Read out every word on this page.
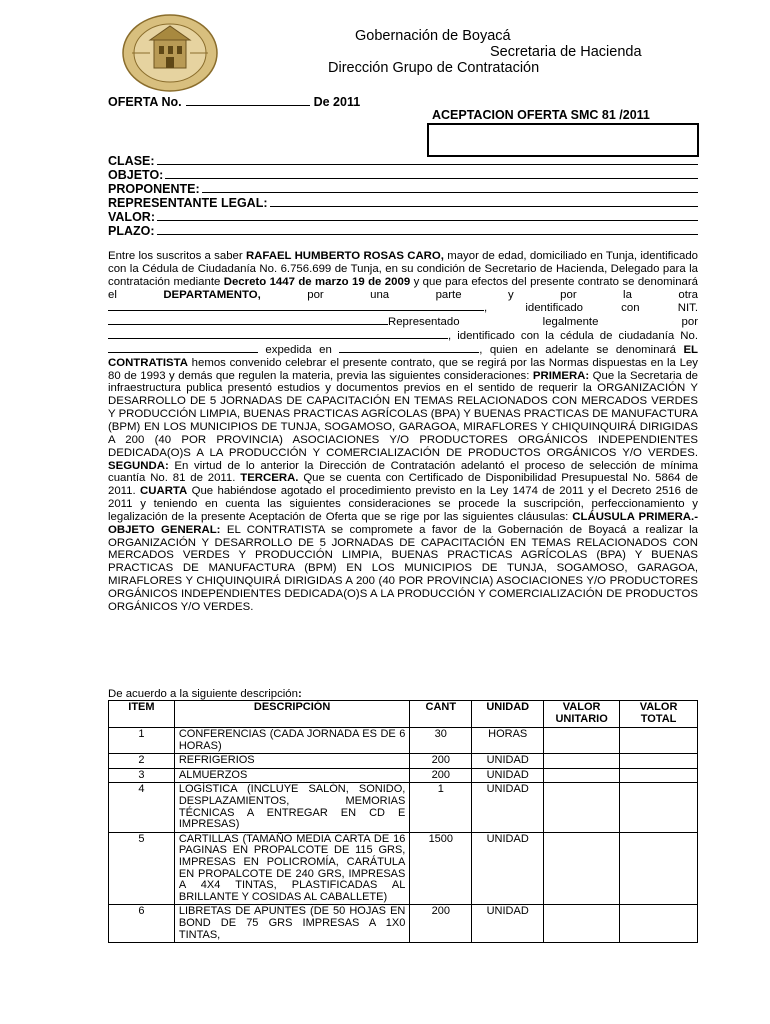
Gobernación de Boyacá
Secretaria de Hacienda
Dirección Grupo de Contratación
OFERTA No.	De 2011
ACEPTACION OFERTA SMC 81 /2011
CLASE:
OBJETO:
PROPONENTE:
REPRESENTANTE LEGAL:
VALOR:
PLAZO:

Entre los suscritos a saber RAFAEL HUMBERTO ROSAS CARO, mayor de edad, domiciliado en Tunja, identificado con la Cédula de Ciudadanía No. 6.756.699 de Tunja, en su condición de Secretario de Hacienda, Delegado para la contratación mediante Decreto 1447 de marzo 19 de 2009 y que para efectos del presente contrato se denominará el DEPARTAMENTO, por una parte y por la otra , identificado con NIT. Representado legalmente por , identificado con la cédula de ciudadanía No.  expedida en	, quien en adelante se denominará EL CONTRATISTA hemos convenido celebrar el presente contrato, que se regirá por las Normas dispuestas en la Ley 80 de 1993 y demás que regulen la materia, previa las siguientes consideraciones: PRIMERA: Que la Secretaria de infraestructura publica presentó estudios y documentos previos en el sentido de requerir la ORGANIZACIÓN Y DESARROLLO DE 5 JORNADAS DE CAPACITACIÓN EN TEMAS RELACIONADOS CON MERCADOS VERDES Y PRODUCCIÓN LIMPIA, BUENAS PRACTICAS AGRÍCOLAS (BPA) Y BUENAS PRACTICAS DE MANUFACTURA (BPM) EN LOS MUNICIPIOS DE TUNJA, SOGAMOSO, GARAGOA, MIRAFLORES Y CHIQUINQUIRÁ DIRIGIDAS A 200 (40 POR PROVINCIA) ASOCIACIONES Y/O PRODUCTORES ORGÁNICOS INDEPENDIENTES DEDICADA(O)S A LA PRODUCCIÓN Y COMERCIALIZACIÓN DE PRODUCTOS ORGÁNICOS Y/O VERDES. SEGUNDA: En virtud de lo anterior la Dirección de Contratación adelantó el proceso de selección de mínima cuantía No. 81 de 2011. TERCERA. Que se cuenta con Certificado de Disponibilidad Presupuestal No. 5864 de 2011. CUARTA Que habiéndose agotado el procedimiento previsto en la Ley 1474 de 2011 y el Decreto 2516 de 2011 y teniendo en cuenta las siguientes consideraciones se procede la suscripción, perfeccionamiento y legalización de la presente Aceptación de Oferta que se rige por las siguientes cláusulas: CLÁUSULA PRIMERA.- OBJETO GENERAL: EL CONTRATISTA se compromete a favor de la Gobernación de Boyacá a realizar la ORGANIZACIÓN Y DESARROLLO DE 5 JORNADAS DE CAPACITACIÓN EN TEMAS RELACIONADOS CON MERCADOS VERDES Y PRODUCCIÓN LIMPIA, BUENAS PRACTICAS AGRÍCOLAS (BPA) Y BUENAS PRACTICAS DE MANUFACTURA (BPM) EN LOS MUNICIPIOS DE TUNJA, SOGAMOSO, GARAGOA, MIRAFLORES Y CHIQUINQUIRÁ DIRIGIDAS A 200 (40 POR PROVINCIA) ASOCIACIONES Y/O PRODUCTORES ORGÁNICOS INDEPENDIENTES DEDICADA(O)S A LA PRODUCCIÓN Y COMERCIALIZACIÓN DE PRODUCTOS ORGÁNICOS Y/O VERDES.

De acuerdo a la siguiente descripción:
ITEM	DESCRIPCIÓN	CANT	UNIDAD	VALOR UNITARIO	VALOR TOTAL
1	CONFERENCIAS (CADA JORNADA ES DE 6 HORAS)	30	HORAS		
2	REFRIGERIOS	200	UNIDAD		
3	ALMUERZOS	200	UNIDAD		
4	LOGÍSTICA (INCLUYE SALÓN, SONIDO, DESPLAZAMIENTOS, MEMORIAS TÉCNICAS A ENTREGAR EN CD E IMPRESAS)	1	UNIDAD		
5	CARTILLAS (TAMAÑO MEDIA CARTA DE 16 PAGINAS EN PROPALCOTE DE 115 GRS, IMPRESAS EN POLICROMÍA, CARÁTULA EN PROPALCOTE DE 240 GRS, IMPRESAS A 4X4 TINTAS, PLASTIFICADAS AL BRILLANTE Y COSIDAS AL CABALLETE)	1500	UNIDAD		
6	LIBRETAS DE APUNTES (DE 50 HOJAS EN BOND DE 75 GRS IMPRESAS A 1X0 TINTAS,	200	UNIDAD		
